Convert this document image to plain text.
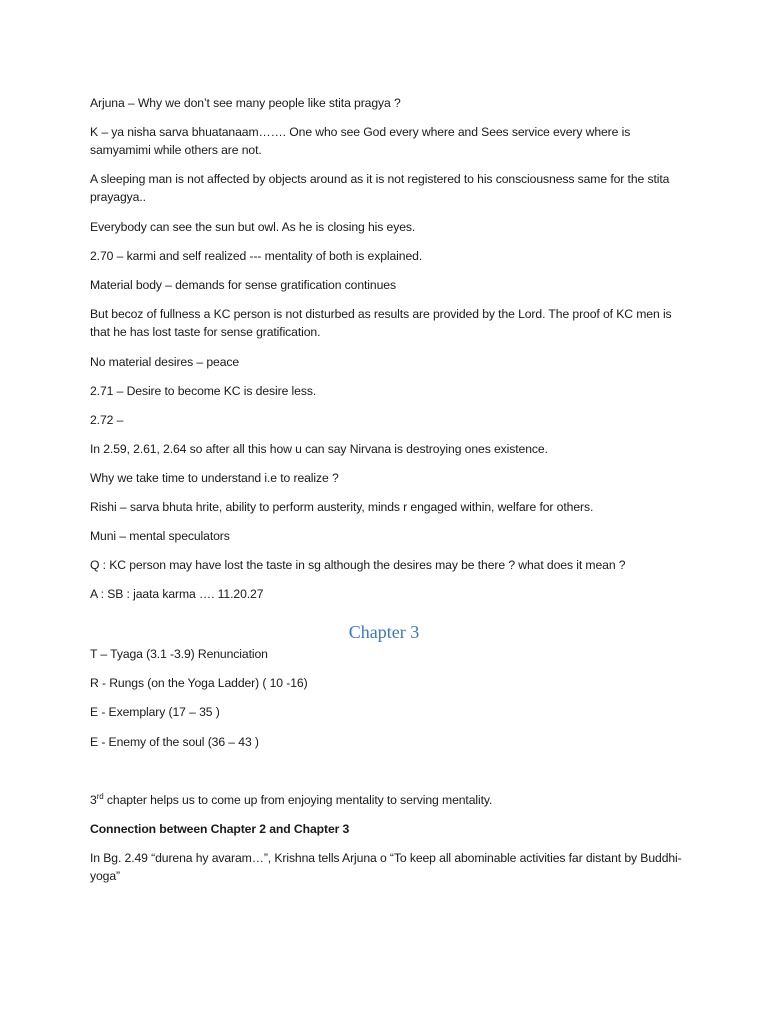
Arjuna – Why we don’t see many people like stita pragya ?
K – ya nisha sarva bhuatanaam……. One who see God every where and Sees service every where is samyamimi while others are not.
A sleeping man is not affected by objects around as it is not registered to his consciousness same for the stita prayagya..
Everybody can see the sun but owl. As he is closing his eyes.
2.70 – karmi and self realized --- mentality of both is explained.
Material body – demands for sense gratification continues
But becoz of fullness a KC person is not disturbed as results are provided by the Lord. The proof of KC men is that he has lost taste for sense gratification.
No material desires – peace
2.71 – Desire to become KC is desire less.
2.72 –
In 2.59, 2.61, 2.64 so after all this how u can say Nirvana is destroying ones existence.
Why we take time to understand i.e to realize ?
Rishi – sarva bhuta hrite, ability to perform austerity, minds r engaged within, welfare for others.
Muni – mental speculators
Q : KC person may have lost the taste in sg although the desires may be there ? what does it mean ?
A : SB : jaata karma …. 11.20.27
Chapter 3
T – Tyaga (3.1 -3.9) Renunciation
R - Rungs (on the Yoga Ladder) ( 10 -16)
E - Exemplary (17 – 35 )
E - Enemy of the soul (36 – 43 )
3rd chapter helps us to come up from enjoying mentality to serving mentality.
Connection between Chapter 2 and Chapter 3
In Bg. 2.49 “durena hy avaram…”, Krishna tells Arjuna o “To keep all abominable activities far distant by Buddhi-yoga”
